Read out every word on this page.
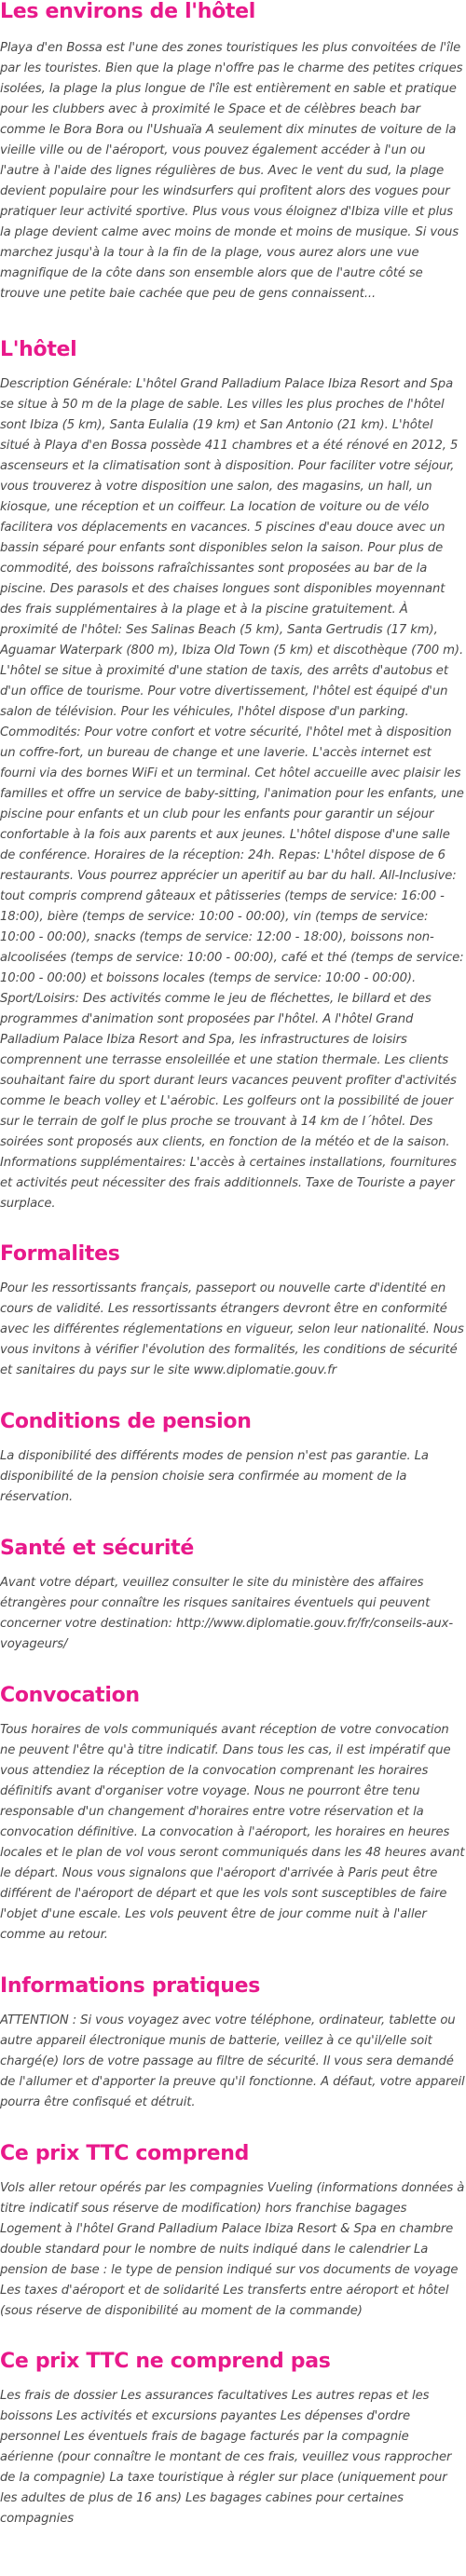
Les environs de l'hôtel

Playa d'en Bossa est l'une des zones touristiques les plus convoitées de l'île par les touristes. Bien que la plage n'offre pas le charme des petites criques isolées, la plage la plus longue de l'île est entièrement en sable et pratique pour les clubbers avec à proximité le Space et de célèbres beach bar comme le Bora Bora ou l'Ushuaïa A seulement dix minutes de voiture de la vieille ville ou de l'aéroport, vous pouvez également accéder à l'un ou l'autre à l'aide des lignes régulières de bus. Avec le vent du sud, la plage devient populaire pour les windsurfers qui profitent alors des vogues pour pratiquer leur activité sportive. Plus vous vous éloignez d'Ibiza ville et plus la plage devient calme avec moins de monde et moins de musique. Si vous marchez jusqu'à la tour à la fin de la plage, vous aurez alors une vue magnifique de la côte dans son ensemble alors que de l'autre côté se trouve une petite baie cachée que peu de gens connaissent...

L'hôtel

Description Générale: L'hôtel Grand Palladium Palace Ibiza Resort and Spa se situe à 50 m de la plage de sable. Les villes les plus proches de l'hôtel sont Ibiza (5 km), Santa Eulalia (19 km) et San Antonio (21 km). L'hôtel situé à Playa d'en Bossa possède 411 chambres et a été rénové en 2012, 5 ascenseurs et la climatisation sont à disposition. Pour faciliter votre séjour, vous trouverez à votre disposition une salon, des magasins, un hall, un kiosque, une réception et un coiffeur. La location de voiture ou de vélo facilitera vos déplacements en vacances. 5 piscines d'eau douce avec un bassin séparé pour enfants sont disponibles selon la saison. Pour plus de commodité, des boissons rafraîchissantes sont proposées au bar de la piscine. Des parasols et des chaises longues sont disponibles moyennant des frais supplémentaires à la plage et à la piscine gratuitement. À proximité de l'hôtel: Ses Salinas Beach (5 km), Santa Gertrudis (17 km), Aguamar Waterpark (800 m), Ibiza Old Town (5 km) et discothèque (700 m). L'hôtel se situe à proximité d'une station de taxis, des arrêts d'autobus et d'un office de tourisme. Pour votre divertissement, l'hôtel est équipé d'un salon de télévision. Pour les véhicules, l'hôtel dispose d'un parking. Commodités: Pour votre confort et votre sécurité, l'hôtel met à disposition un coffre-fort, un bureau de change et une laverie. L'accès internet est fourni via des bornes WiFi et un terminal. Cet hôtel accueille avec plaisir les familles et offre un service de baby-sitting, l'animation pour les enfants, une piscine pour enfants et un club pour les enfants pour garantir un séjour confortable à la fois aux parents et aux jeunes. L'hôtel dispose d'une salle de conférence. Horaires de la réception: 24h. Repas: L'hôtel dispose de 6 restaurants. Vous pourrez apprécier un aperitif au bar du hall. All-Inclusive: tout compris comprend gâteaux et pâtisseries (temps de service: 16:00 - 18:00), bière (temps de service: 10:00 - 00:00), vin (temps de service: 10:00 - 00:00), snacks (temps de service: 12:00 - 18:00), boissons non-alcoolisées (temps de service: 10:00 - 00:00), café et thé (temps de service: 10:00 - 00:00) et boissons locales (temps de service: 10:00 - 00:00). Sport/Loisirs: Des activités comme le jeu de fléchettes, le billard et des programmes d'animation sont proposées par l'hôtel. A l'hôtel Grand Palladium Palace Ibiza Resort and Spa, les infrastructures de loisirs comprennent une terrasse ensoleillée et une station thermale. Les clients souhaitant faire du sport durant leurs vacances peuvent profiter d'activités comme le beach volley et L'aérobic. Les golfeurs ont la possibilité de jouer sur le terrain de golf le plus proche se trouvant à 14 km de l´hôtel. Des soirées sont proposés aux clients, en fonction de la météo et de la saison. Informations supplémentaires: L'accès à certaines installations, fournitures et activités peut nécessiter des frais additionnels. Taxe de Touriste a payer surplace.

Formalites

Pour les ressortissants français, passeport ou nouvelle carte d'identité en cours de validité. Les ressortissants étrangers devront être en conformité avec les différentes réglementations en vigueur, selon leur nationalité. Nous vous invitons à vérifier l'évolution des formalités, les conditions de sécurité et sanitaires du pays sur le site www.diplomatie.gouv.fr

Conditions de pension

La disponibilité des différents modes de pension n'est pas garantie. La disponibilité de la pension choisie sera confirmée au moment de la réservation.

Santé et sécurité

Avant votre départ, veuillez consulter le site du ministère des affaires étrangères pour connaître les risques sanitaires éventuels qui peuvent concerner votre destination: http://www.diplomatie.gouv.fr/fr/conseils-aux-voyageurs/

Convocation

Tous horaires de vols communiqués avant réception de votre convocation ne peuvent l'être qu'à titre indicatif. Dans tous les cas, il est impératif que vous attendiez la réception de la convocation comprenant les horaires définitifs avant d'organiser votre voyage. Nous ne pourront être tenu responsable d'un changement d'horaires entre votre réservation et la convocation définitive. La convocation à l'aéroport, les horaires en heures locales et le plan de vol vous seront communiqués dans les 48 heures avant le départ. Nous vous signalons que l'aéroport d'arrivée à Paris peut être différent de l'aéroport de départ et que les vols sont susceptibles de faire l'objet d'une escale. Les vols peuvent être de jour comme nuit à l'aller comme au retour.

Informations pratiques

ATTENTION : Si vous voyagez avec votre téléphone, ordinateur, tablette ou autre appareil électronique munis de batterie, veillez à ce qu'il/elle soit chargé(e) lors de votre passage au filtre de sécurité. Il vous sera demandé de l'allumer et d'apporter la preuve qu'il fonctionne. A défaut, votre appareil pourra être confisqué et détruit.

Ce prix TTC comprend

Vols aller retour opérés par les compagnies Vueling (informations données à titre indicatif sous réserve de modification) hors franchise bagages Logement à l'hôtel Grand Palladium Palace Ibiza Resort & Spa en chambre double standard pour le nombre de nuits indiqué dans le calendrier La pension de base : le type de pension indiqué sur vos documents de voyage Les taxes d'aéroport et de solidarité Les transferts entre aéroport et hôtel (sous réserve de disponibilité au moment de la commande)

Ce prix TTC ne comprend pas

Les frais de dossier Les assurances facultatives Les autres repas et les boissons Les activités et excursions payantes Les dépenses d'ordre personnel Les éventuels frais de bagage facturés par la compagnie aérienne (pour connaître le montant de ces frais, veuillez vous rapprocher de la compagnie) La taxe touristique à régler sur place (uniquement pour les adultes de plus de 16 ans) Les bagages cabines pour certaines compagnies
